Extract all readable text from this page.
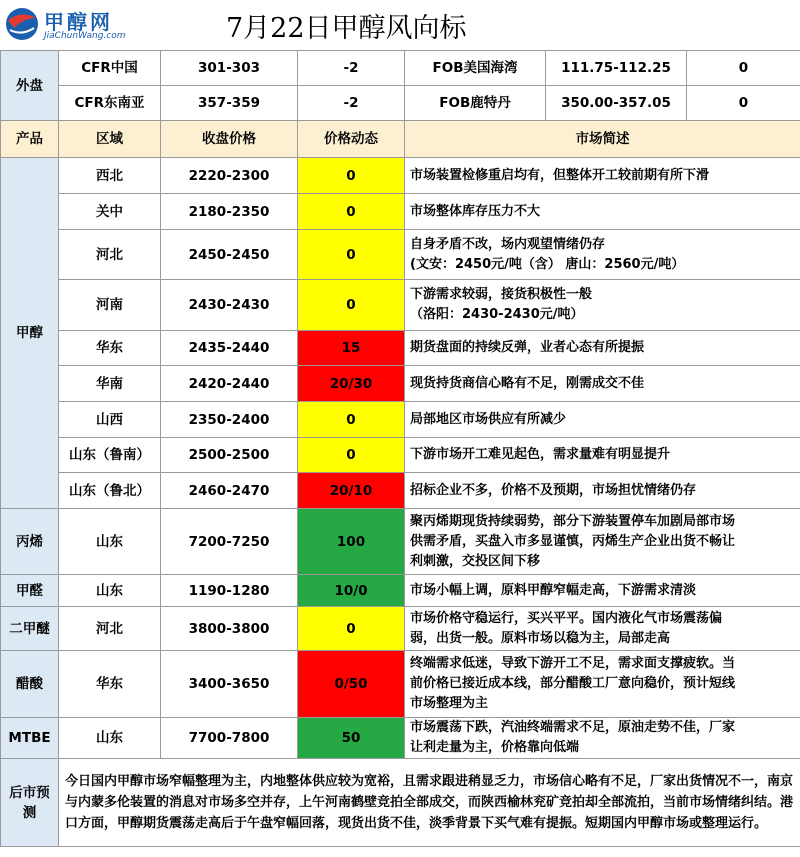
甲醇网
JiaChunWang.com	7月22日甲醇风向标
外盘	CFR中国	301-303	-2	FOB美国海湾	111.75-112.25	0
	CFR东南亚	357-359	-2	FOB鹿特丹	350.00-357.05	0
产品	区域	收盘价格	价格动态	市场简述		
甲醇	西北	2220-2300	0	市场装置检修重启均有，但整体开工较前期有所下滑		

	关中	2180-2350	0	市场整体库存压力不大		

	河北	2450-2450	0	自身矛盾不改，场内观望情绪仍存
(文安：2450元/吨（含） 唐山：2560元/吨）		

	河南	2430-2430	0	下游需求较弱，接货积极性一般
（洛阳：2430-2430元/吨）		

	华东	2435-2440	15	期货盘面的持续反弹，业者心态有所提振		

	华南	2420-2440	20/30	现货持货商信心略有不足，刚需成交不佳		

	山西	2350-2400	0	局部地区市场供应有所减少		

	山东（鲁南）	2500-2500	0	下游市场开工难见起色，需求量难有明显提升		

	山东（鲁北）	2460-2470	20/10	招标企业不多，价格不及预期，市场担忧情绪仍存		

丙烯	山东	7200-7250	100	聚丙烯期现货持续弱势，部分下游装置停车加剧局部市场
供需矛盾，买盘入市多显谨慎，丙烯生产企业出货不畅让
利刺激，交投区间下移		

甲醛	山东	1190-1280	10/0	市场小幅上调，原料甲醇窄幅走高，下游需求清淡		

二甲醚	河北	3800-3800	0	市场价格守稳运行，买兴平平。国内液化气市场震荡偏
弱，出货一般。原料市场以稳为主，局部走高		

醋酸	华东	3400-3650	0/50	终端需求低迷，导致下游开工不足，需求面支撑疲软。当
前价格已接近成本线，部分醋酸工厂意向稳价，预计短线
市场整理为主		

MTBE	山东	7700-7800	50	市场震荡下跌，汽油终端需求不足，原油走势不佳，厂家
让利走量为主，价格靠向低端		

后市预测	今日国内甲醇市场窄幅整理为主，内地整体供应较为宽裕，且需求跟进稍显乏力，市场信心略有不足，厂家出货情况不一，南京与内蒙多伦装置的消息对市场多空并存，上午河南鹤壁竞拍全部成交，而陕西榆林兖矿竞拍却全部流拍，当前市场情绪纠结。港口方面，甲醇期货震荡走高后于午盘窄幅回落，现货出货不佳，淡季背景下买气难有提振。短期国内甲醇市场或整理运行。					
